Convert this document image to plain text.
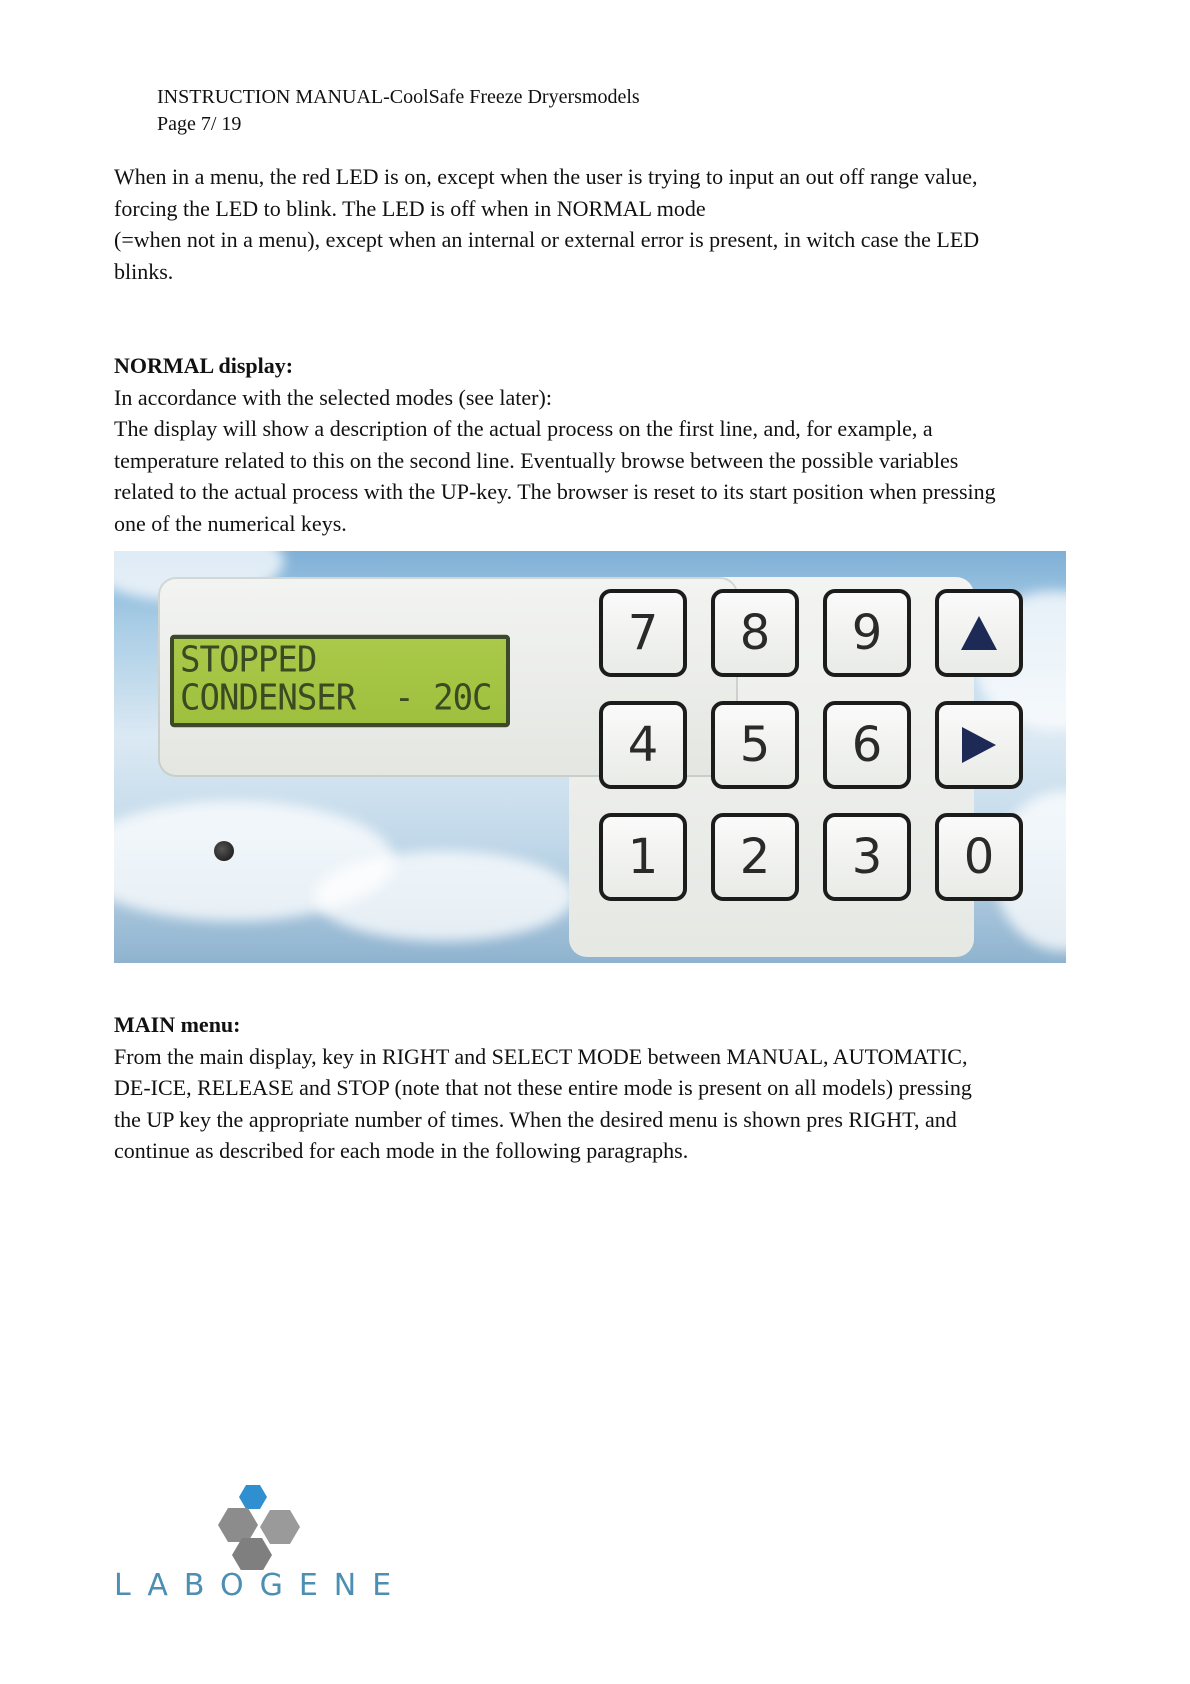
INSTRUCTION MANUAL-CoolSafe Freeze Dryersmodels
Page 7/ 19

When in a menu, the red LED is on, except when the user is trying to input an out off range value,

forcing the LED to blink. The LED is off when in NORMAL mode

(=when not in a menu), except when an internal or external error is present, in witch case the LED

blinks.

NORMAL display:

In accordance with the selected modes (see later):

The display will show a description of the actual process on the first line, and, for example, a

temperature related to this on the second line. Eventually browse between the possible variables

related to the actual process with the UP-key. The browser is reset to its start position when pressing

one of the numerical keys.

STOPPED
CONDENSER  - 20C
7	8	9
4	5	6
1	2	3	0

MAIN menu:

From the main display, key in RIGHT and SELECT MODE between MANUAL, AUTOMATIC,

DE-ICE, RELEASE and STOP (note that not these entire mode is present on all models) pressing

the UP key the appropriate number of times. When the desired menu is shown pres RIGHT, and

continue as described for each mode in the following paragraphs.

LABOGENE
